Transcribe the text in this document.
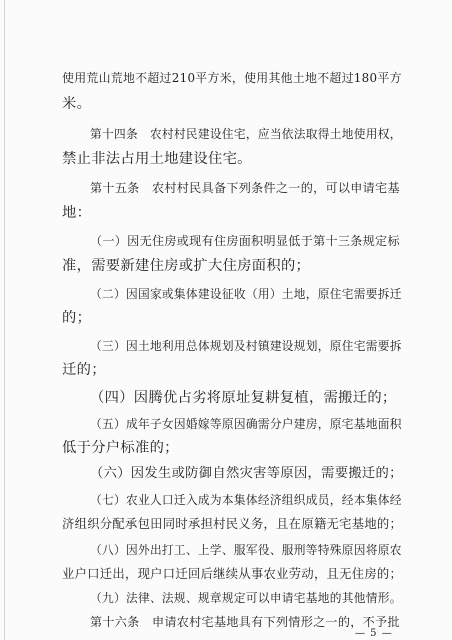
— 5 —
使用荒山荒地不超过210平方米，使用其他土地不超过180平方
米。
第十四条　农村村民建设住宅，应当依法取得土地使用权，
禁止非法占用土地建设住宅。
第十五条　农村村民具备下列条件之一的，可以申请宅基
地：
（一）因无住房或现有住房面积明显低于第十三条规定标
准，需要新建住房或扩大住房面积的；
（二）因国家或集体建设征收（用）土地，原住宅需要拆迁
的；
（三）因土地利用总体规划及村镇建设规划，原住宅需要拆
迁的；
（四）因腾优占劣将原址复耕复植，需搬迁的；
（五）成年子女因婚嫁等原因确需分户建房，原宅基地面积
低于分户标准的；
（六）因发生或防御自然灾害等原因，需要搬迁的；
（七）农业人口迁入成为本集体经济组织成员，经本集体经
济组织分配承包田同时承担村民义务，且在原籍无宅基地的；
（八）因外出打工、上学、服军役、服刑等特殊原因将原农
业户口迁出，现户口迁回后继续从事农业劳动，且无住房的；
（九）法律、法规、规章规定可以申请宅基地的其他情形。
第十六条　申请农村宅基地具有下列情形之一的，不予批
